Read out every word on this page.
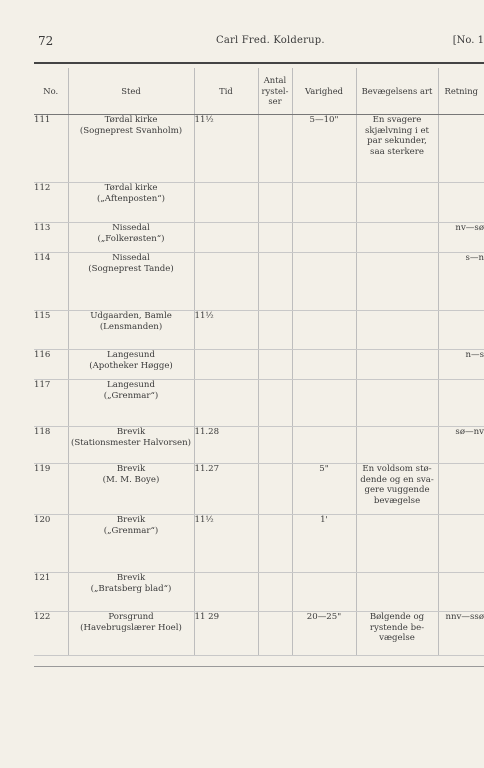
72	Carl Fred. Kolderup.	[No. 1
No.	Sted	Tid	Antal rystelser	Varighed	Bevægelsens art	Retning
111	Tørdal kirke
(Sogneprest Svanholm)	11½		5—10"	En svagere
skjælvning i et
par sekunder,
saa sterkere	

112	Tørdal kirke
(„Aftenposten“)					

113	Nissedal
(„Folkerøsten“)					nv—sø
114	Nissedal
(Sogneprest Tande)					s—n
115	Udgaarden, Bamle
(Lensmanden)	11½				
116	Langesund
(Apotheker Høgge)					n—s
117	Langesund
(„Grenmar“)					

118	Brevik
(Stationsmester Halvorsen)	11.28				sø—nv
119	Brevik
(M. M. Boye)	11.27		5"	En voldsom stø-
dende og en sva-
gere vuggende
bevægelse	

120	Brevik
(„Grenmar“)	11½		1'		
121	Brevik
(„Bratsberg blad“)					

122	Porsgrund
(Havebrugslærer Hoel)	11 29		20—25"	Bølgende og
rystende be-
vægelse	nnv—ssø
